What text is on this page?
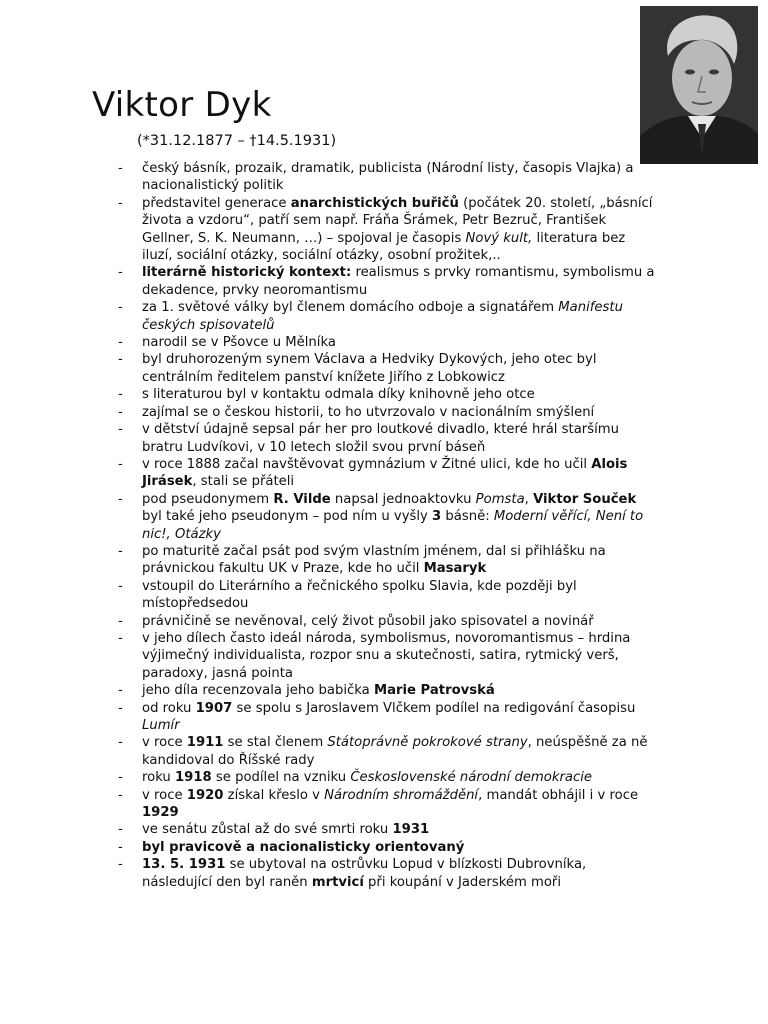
Viktor Dyk
(*31.12.1877 – †14.5.1931)
- český básník, prozaik, dramatik, publicista (Národní listy, časopis Vlajka) a nacionalistický politik
- představitel generace anarchistických buřičů (počátek 20. století, „básnící života a vzdoru“, patří sem např. Fráňa Šrámek, Petr Bezruč, František Gellner, S. K. Neumann, …) – spojoval je časopis Nový kult, literatura bez iluzí, sociální otázky, sociální otázky, osobní prožitek,..
- literárně historický kontext: realismus s prvky romantismu, symbolismu a dekadence, prvky neoromantismu
- za 1. světové války byl členem domácího odboje a signatářem Manifestu českých spisovatelů
- narodil se v Pšovce u Mělníka
- byl druhorozeným synem Václava a Hedviky Dykových, jeho otec byl centrálním ředitelem panství knížete Jiřího z Lobkowicz
- s literaturou byl v kontaktu odmala díky knihovně jeho otce
- zajímal se o českou historii, to ho utvrzovalo v nacionálním smýšlení
- v dětství údajně sepsal pár her pro loutkové divadlo, které hrál staršímu bratru Ludvíkovi, v 10 letech složil svou první báseň
- v roce 1888 začal navštěvovat gymnázium v Žitné ulici, kde ho učil Alois Jirásek, stali se přáteli
- pod pseudonymem R. Vilde napsal jednoaktovku Pomsta, Viktor Souček byl také jeho pseudonym – pod ním u vyšly 3 básně: Moderní věřící, Není to nic!, Otázky
- po maturitě začal psát pod svým vlastním jménem, dal si přihlášku na právnickou fakultu UK v Praze, kde ho učil Masaryk
- vstoupil do Literárního a řečnického spolku Slavia, kde později byl místopředsedou
- právničině se nevěnoval, celý život působil jako spisovatel a novinář
- v jeho dílech často ideál národa, symbolismus, novoromantismus – hrdina výjimečný individualista, rozpor snu a skutečnosti, satira, rytmický verš, paradoxy, jasná pointa
- jeho díla recenzovala jeho babička Marie Patrovská
- od roku 1907 se spolu s Jaroslavem Vlčkem podílel na redigování časopisu Lumír
- v roce 1911 se stal členem Státoprávně pokrokové strany, neúspěšně za ně kandidoval do Říšské rady
- roku 1918 se podílel na vzniku Československé národní demokracie
- v roce 1920 získal křeslo v Národním shromáždění, mandát obhájil i v roce 1929
- ve senátu zůstal až do své smrti roku 1931
- byl pravicově a nacionalisticky orientovaný
- 13. 5. 1931 se ubytoval na ostrůvku Lopud v blízkosti Dubrovníka, následující den byl raněn mrtvicí při koupání v Jaderském moři
